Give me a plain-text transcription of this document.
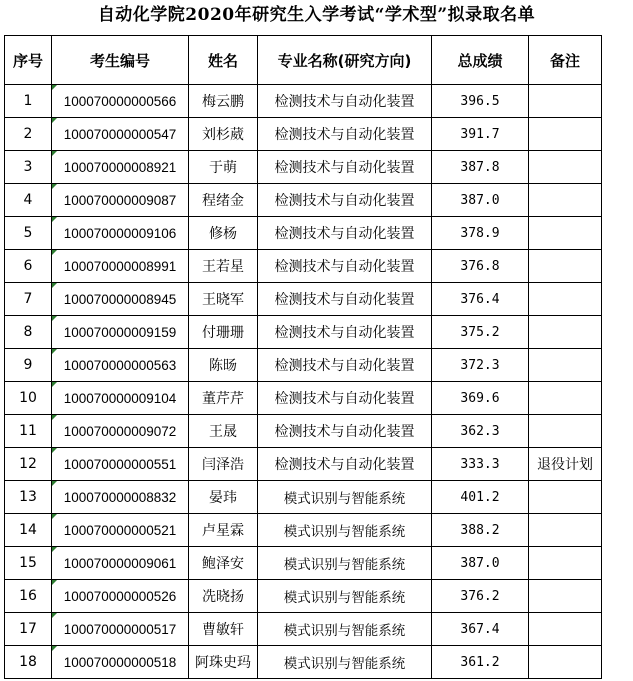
自动化学院2020年研究生入学考试“学术型”拟录取名单
序号	考生编号	姓名	专业名称(研究方向)	总成绩	备注
1	100070000000566	梅云鹏	检测技术与自动化装置	396.5	
2	100070000000547	刘杉葳	检测技术与自动化装置	391.7	
3	100070000008921	于萌	检测技术与自动化装置	387.8	
4	100070000009087	程绪金	检测技术与自动化装置	387.0	
5	100070000009106	修杨	检测技术与自动化装置	378.9	
6	100070000008991	王若星	检测技术与自动化装置	376.8	
7	100070000008945	王晓军	检测技术与自动化装置	376.4	
8	100070000009159	付珊珊	检测技术与自动化装置	375.2	
9	100070000000563	陈旸	检测技术与自动化装置	372.3	
10	100070000009104	董芹芹	检测技术与自动化装置	369.6	
11	100070000009072	王晟	检测技术与自动化装置	362.3	
12	100070000000551	闫泽浩	检测技术与自动化装置	333.3	退役计划
13	100070000008832	晏玮	模式识别与智能系统	401.2	
14	100070000000521	卢星霖	模式识别与智能系统	388.2	
15	100070000009061	鲍泽安	模式识别与智能系统	387.0	
16	100070000000526	冼晓扬	模式识别与智能系统	376.2	
17	100070000000517	曹敏轩	模式识别与智能系统	367.4	
18	100070000000518	阿珠史玛	模式识别与智能系统	361.2	
